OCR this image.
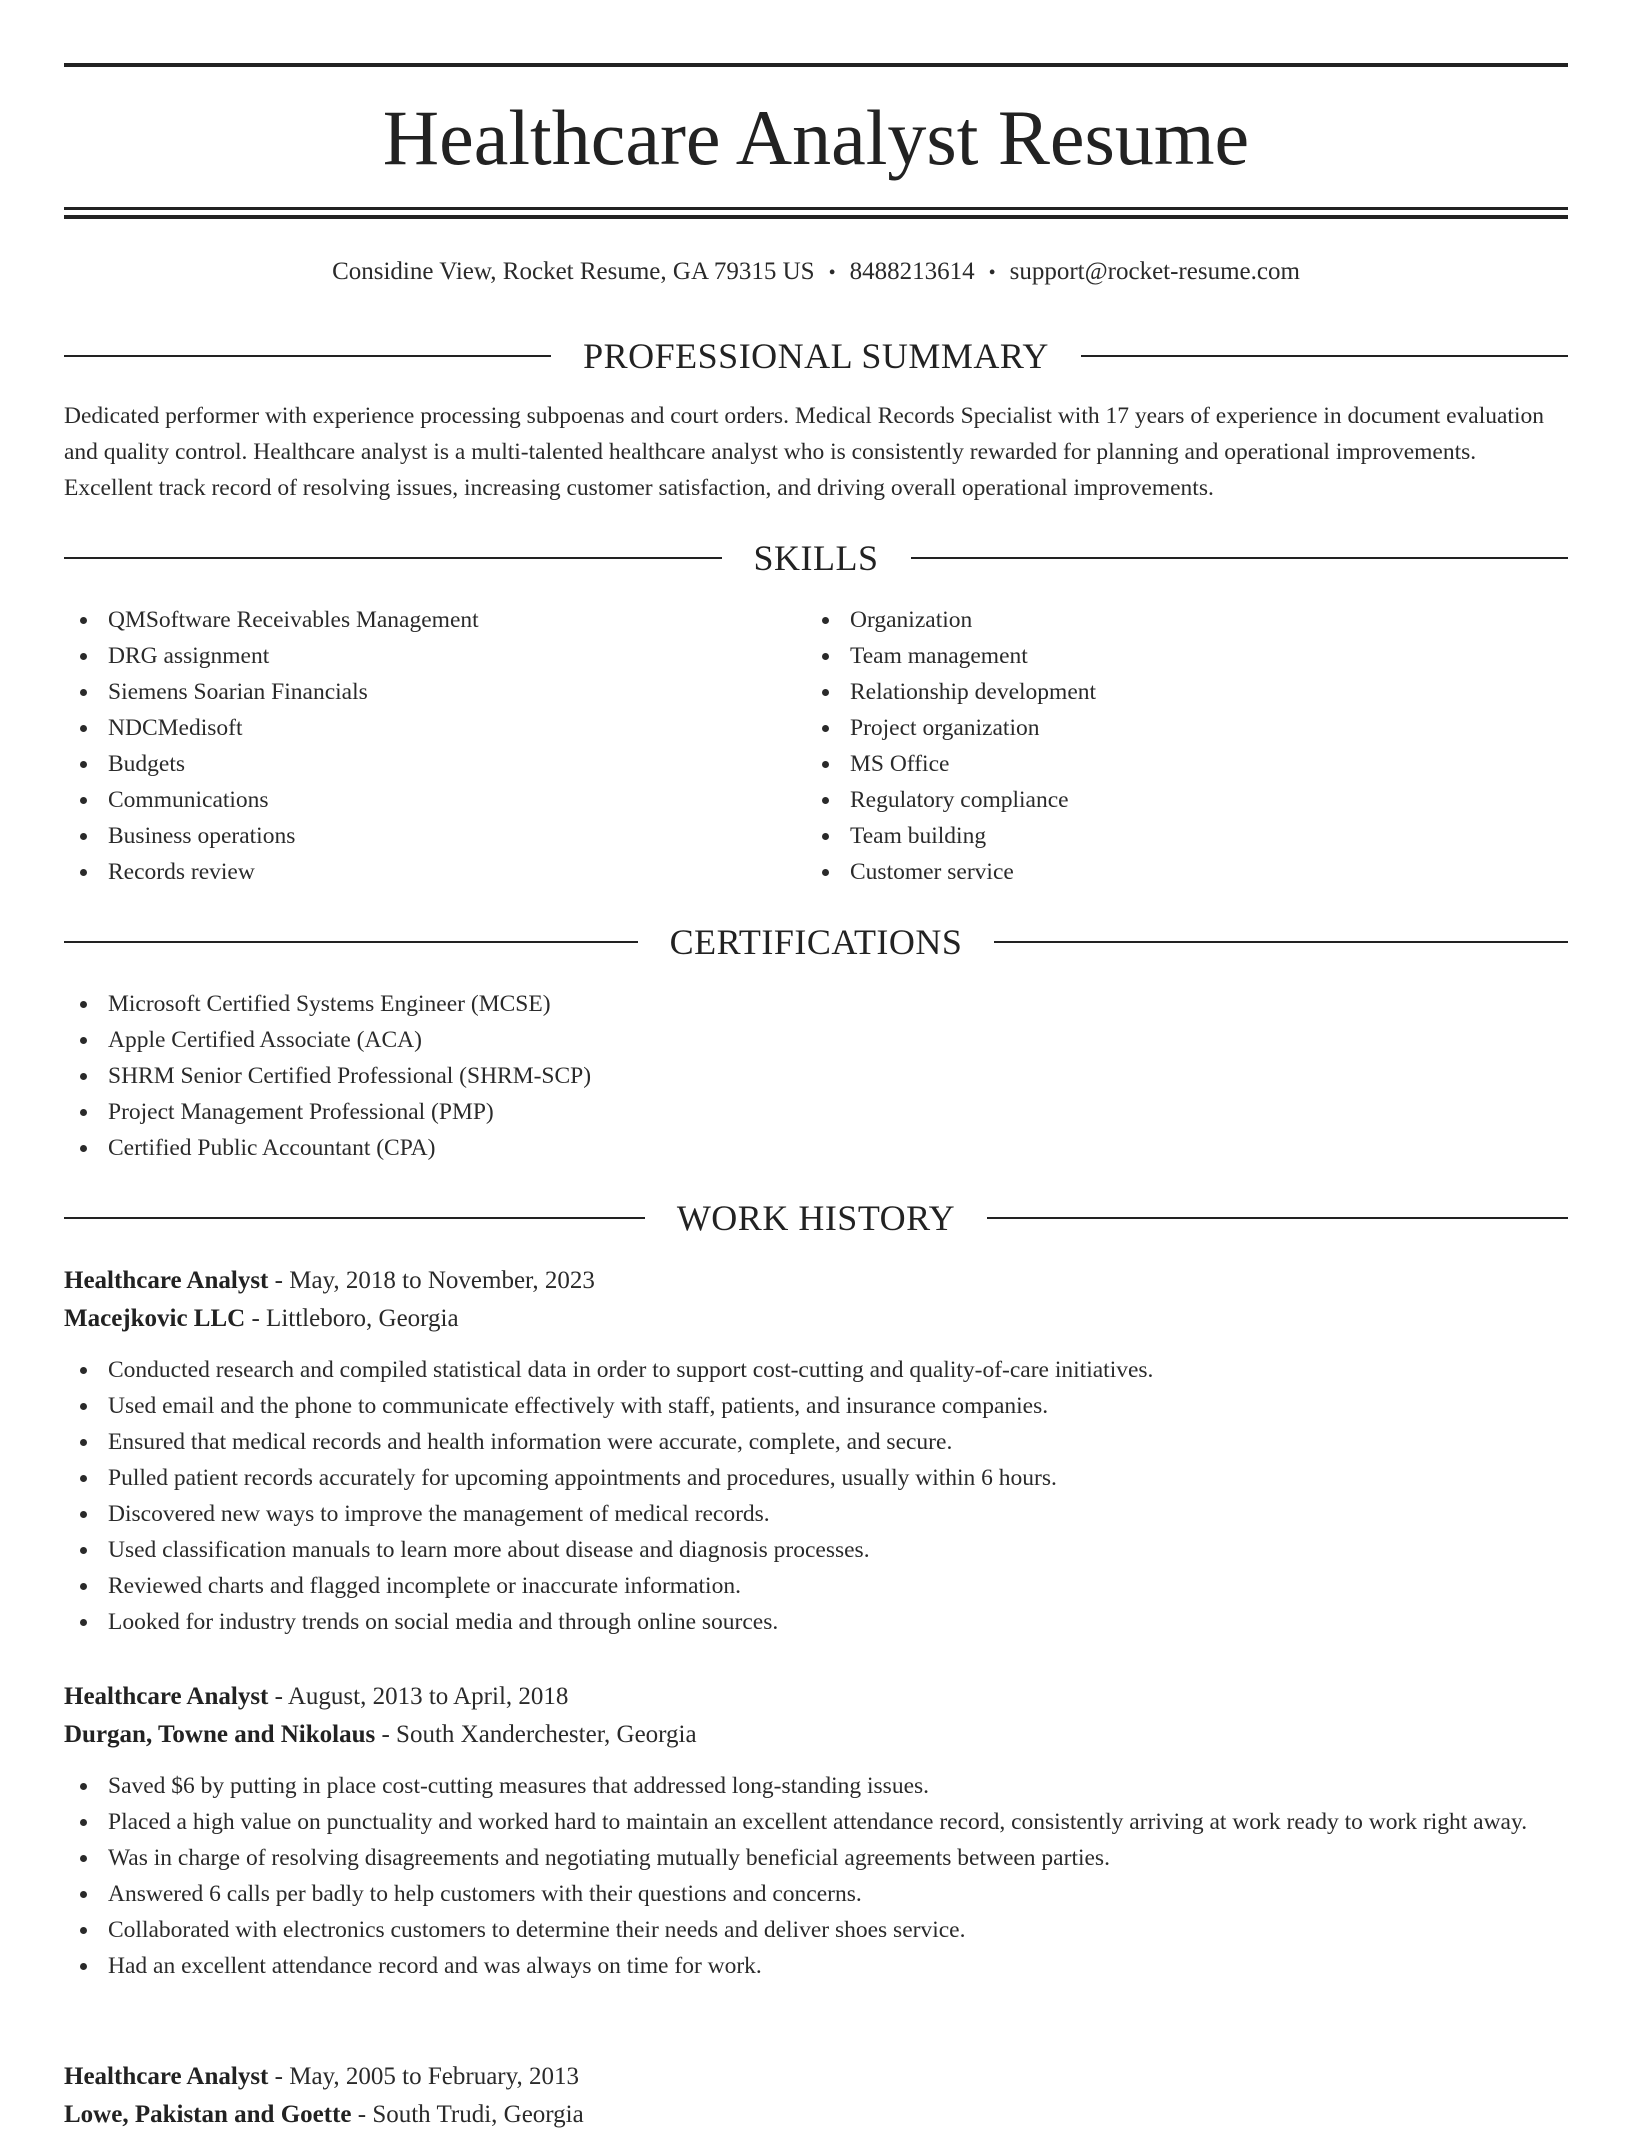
Healthcare Analyst Resume
Considine View, Rocket Resume, GA 79315 US • 8488213614 • support@rocket-resume.com
PROFESSIONAL SUMMARY

Dedicated performer with experience processing subpoenas and court orders. Medical Records Specialist with 17 years of experience in document evaluation and quality control. Healthcare analyst is a multi-talented healthcare analyst who is consistently rewarded for planning and operational improvements. Excellent track record of resolving issues, increasing customer satisfaction, and driving overall operational improvements.

SKILLS
QMSoftware Receivables Management
DRG assignment
Siemens Soarian Financials
NDCMedisoft
Budgets
Communications
Business operations
Records review
Organization
Team management
Relationship development
Project organization
MS Office
Regulatory compliance
Team building
Customer service
CERTIFICATIONS
Microsoft Certified Systems Engineer (MCSE)
Apple Certified Associate (ACA)
SHRM Senior Certified Professional (SHRM-SCP)
Project Management Professional (PMP)
Certified Public Accountant (CPA)
WORK HISTORY
Healthcare Analyst - May, 2018 to November, 2023
Macejkovic LLC - Littleboro, Georgia
Conducted research and compiled statistical data in order to support cost-cutting and quality-of-care initiatives.
Used email and the phone to communicate effectively with staff, patients, and insurance companies.
Ensured that medical records and health information were accurate, complete, and secure.
Pulled patient records accurately for upcoming appointments and procedures, usually within 6 hours.
Discovered new ways to improve the management of medical records.
Used classification manuals to learn more about disease and diagnosis processes.
Reviewed charts and flagged incomplete or inaccurate information.
Looked for industry trends on social media and through online sources.
Healthcare Analyst - August, 2013 to April, 2018
Durgan, Towne and Nikolaus - South Xanderchester, Georgia
Saved $6 by putting in place cost-cutting measures that addressed long-standing issues.
Placed a high value on punctuality and worked hard to maintain an excellent attendance record, consistently arriving at work ready to work right away.
Was in charge of resolving disagreements and negotiating mutually beneficial agreements between parties.
Answered 6 calls per badly to help customers with their questions and concerns.
Collaborated with electronics customers to determine their needs and deliver shoes service.
Had an excellent attendance record and was always on time for work.
Healthcare Analyst - May, 2005 to February, 2013
Lowe, Pakistan and Goette - South Trudi, Georgia
